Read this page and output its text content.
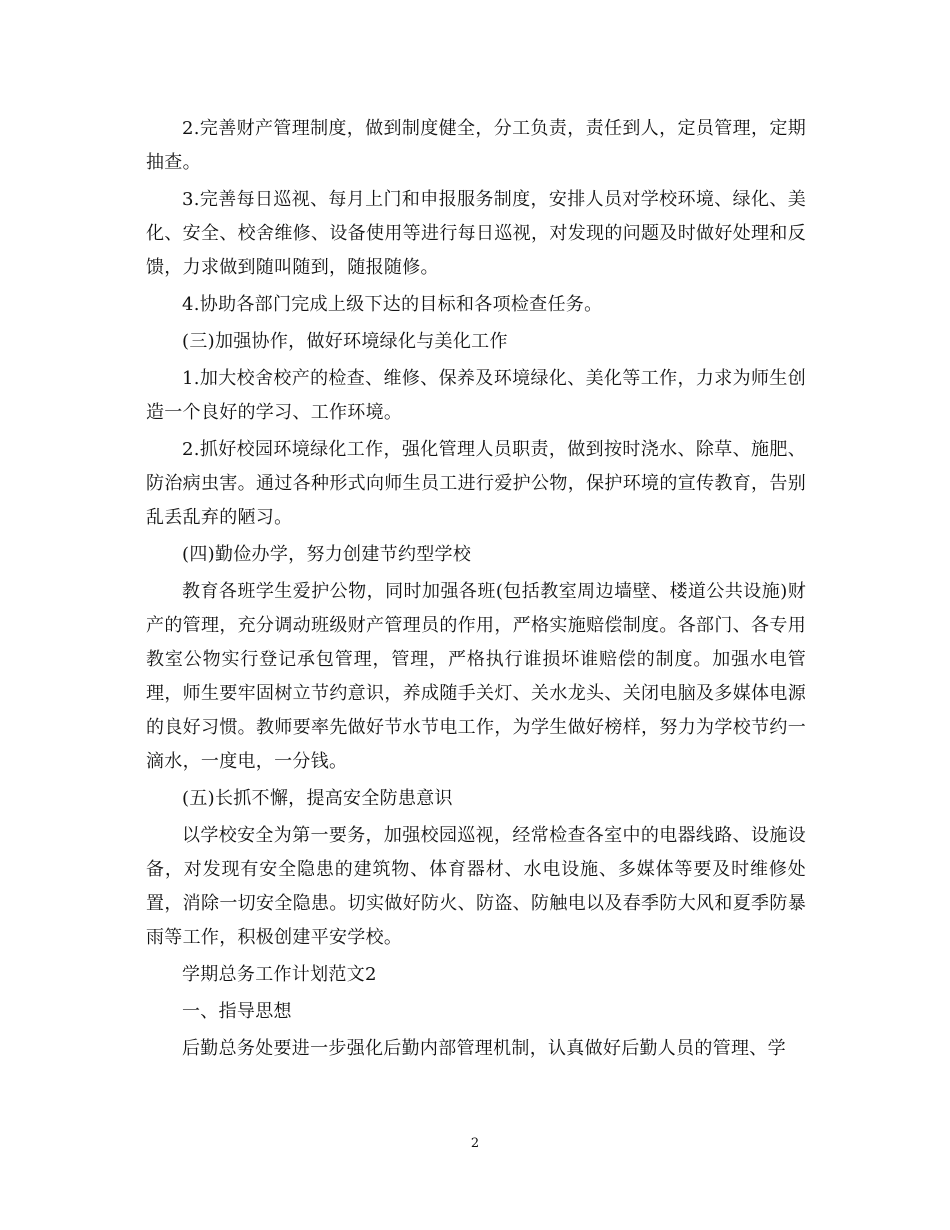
2.完善财产管理制度，做到制度健全，分工负责，责任到人，定员管理，定期抽查。

3.完善每日巡视、每月上门和申报服务制度，安排人员对学校环境、绿化、美化、安全、校舍维修、设备使用等进行每日巡视，对发现的问题及时做好处理和反馈，力求做到随叫随到，随报随修。

4.协助各部门完成上级下达的目标和各项检查任务。

(三)加强协作，做好环境绿化与美化工作

1.加大校舍校产的检查、维修、保养及环境绿化、美化等工作，力求为师生创造一个良好的学习、工作环境。

2.抓好校园环境绿化工作，强化管理人员职责，做到按时浇水、除草、施肥、防治病虫害。通过各种形式向师生员工进行爱护公物，保护环境的宣传教育，告别乱丢乱弃的陋习。

(四)勤俭办学，努力创建节约型学校

教育各班学生爱护公物，同时加强各班(包括教室周边墙壁、楼道公共设施)财产的管理，充分调动班级财产管理员的作用，严格实施赔偿制度。各部门、各专用教室公物实行登记承包管理，管理，严格执行谁损坏谁赔偿的制度。加强水电管理，师生要牢固树立节约意识，养成随手关灯、关水龙头、关闭电脑及多媒体电源的良好习惯。教师要率先做好节水节电工作，为学生做好榜样，努力为学校节约一滴水，一度电，一分钱。

(五)长抓不懈，提高安全防患意识

以学校安全为第一要务，加强校园巡视，经常检查各室中的电器线路、设施设备，对发现有安全隐患的建筑物、体育器材、水电设施、多媒体等要及时维修处置，消除一切安全隐患。切实做好防火、防盗、防触电以及春季防大风和夏季防暴雨等工作，积极创建平安学校。

学期总务工作计划范文2

一、指导思想

后勤总务处要进一步强化后勤内部管理机制，认真做好后勤人员的管理、学

2
